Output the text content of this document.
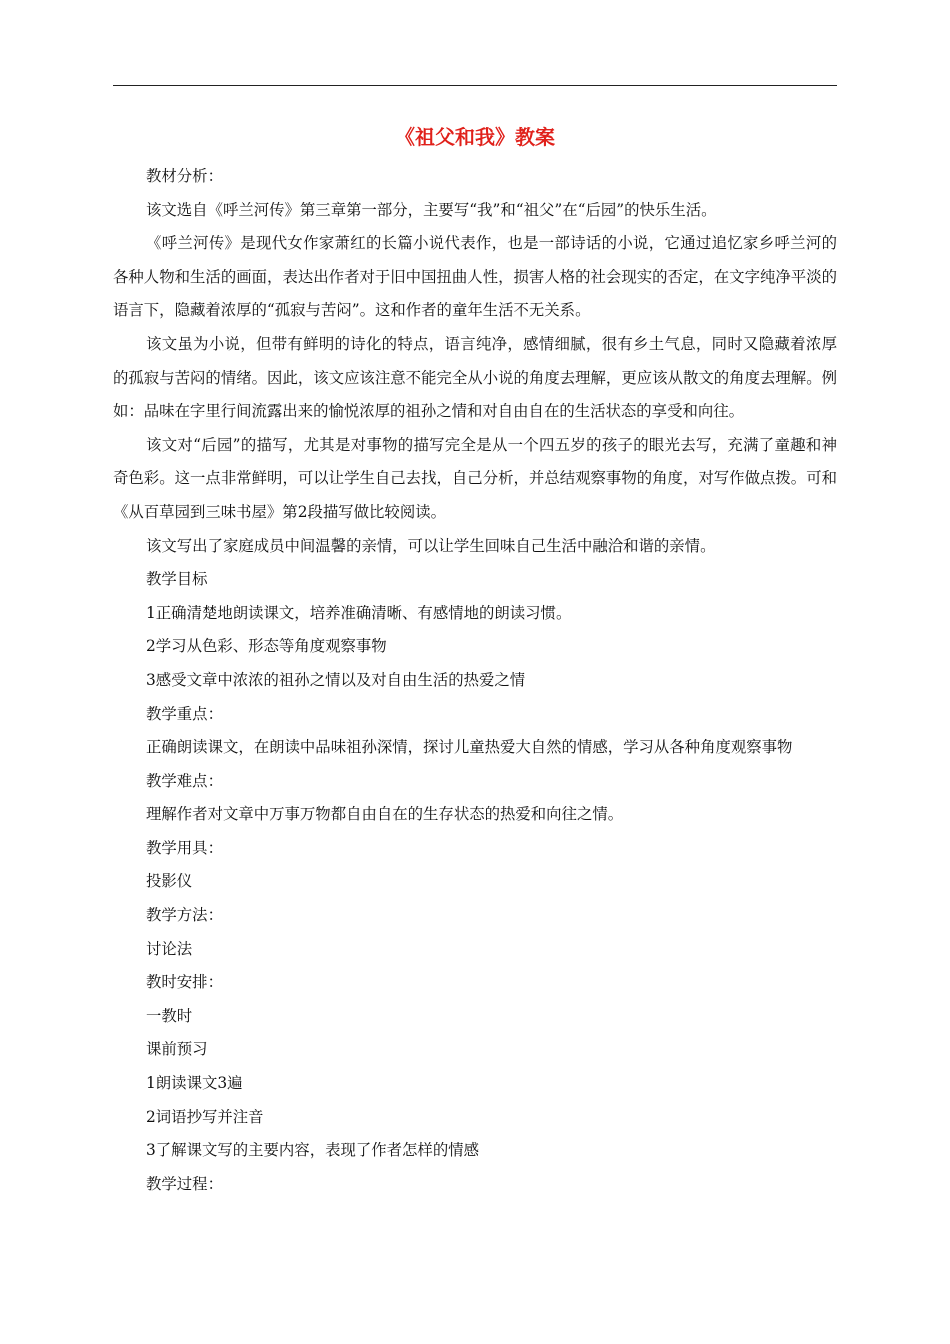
《祖父和我》教案

教材分析：

该文选自《呼兰河传》第三章第一部分，主要写“我”和“祖父”在“后园”的快乐生活。

《呼兰河传》是现代女作家萧红的长篇小说代表作，也是一部诗话的小说，它通过追忆家乡呼兰河的各种人物和生活的画面，表达出作者对于旧中国扭曲人性，损害人格的社会现实的否定，在文字纯净平淡的语言下，隐藏着浓厚的“孤寂与苦闷”。这和作者的童年生活不无关系。

该文虽为小说，但带有鲜明的诗化的特点，语言纯净，感情细腻，很有乡土气息，同时又隐藏着浓厚的孤寂与苦闷的情绪。因此，该文应该注意不能完全从小说的角度去理解，更应该从散文的角度去理解。例如：品味在字里行间流露出来的愉悦浓厚的祖孙之情和对自由自在的生活状态的享受和向往。

该文对“后园”的描写，尤其是对事物的描写完全是从一个四五岁的孩子的眼光去写，充满了童趣和神奇色彩。这一点非常鲜明，可以让学生自己去找，自己分析，并总结观察事物的角度，对写作做点拨。可和《从百草园到三味书屋》第2段描写做比较阅读。

该文写出了家庭成员中间温馨的亲情，可以让学生回味自己生活中融洽和谐的亲情。

教学目标

1正确清楚地朗读课文，培养准确清晰、有感情地的朗读习惯。

2学习从色彩、形态等角度观察事物

3感受文章中浓浓的祖孙之情以及对自由生活的热爱之情

教学重点：

正确朗读课文，在朗读中品味祖孙深情，探讨儿童热爱大自然的情感，学习从各种角度观察事物

教学难点：

理解作者对文章中万事万物都自由自在的生存状态的热爱和向往之情。

教学用具：

投影仪

教学方法：

讨论法

教时安排：

一教时

课前预习

1朗读课文3遍

2词语抄写并注音

3了解课文写的主要内容，表现了作者怎样的情感

教学过程：
